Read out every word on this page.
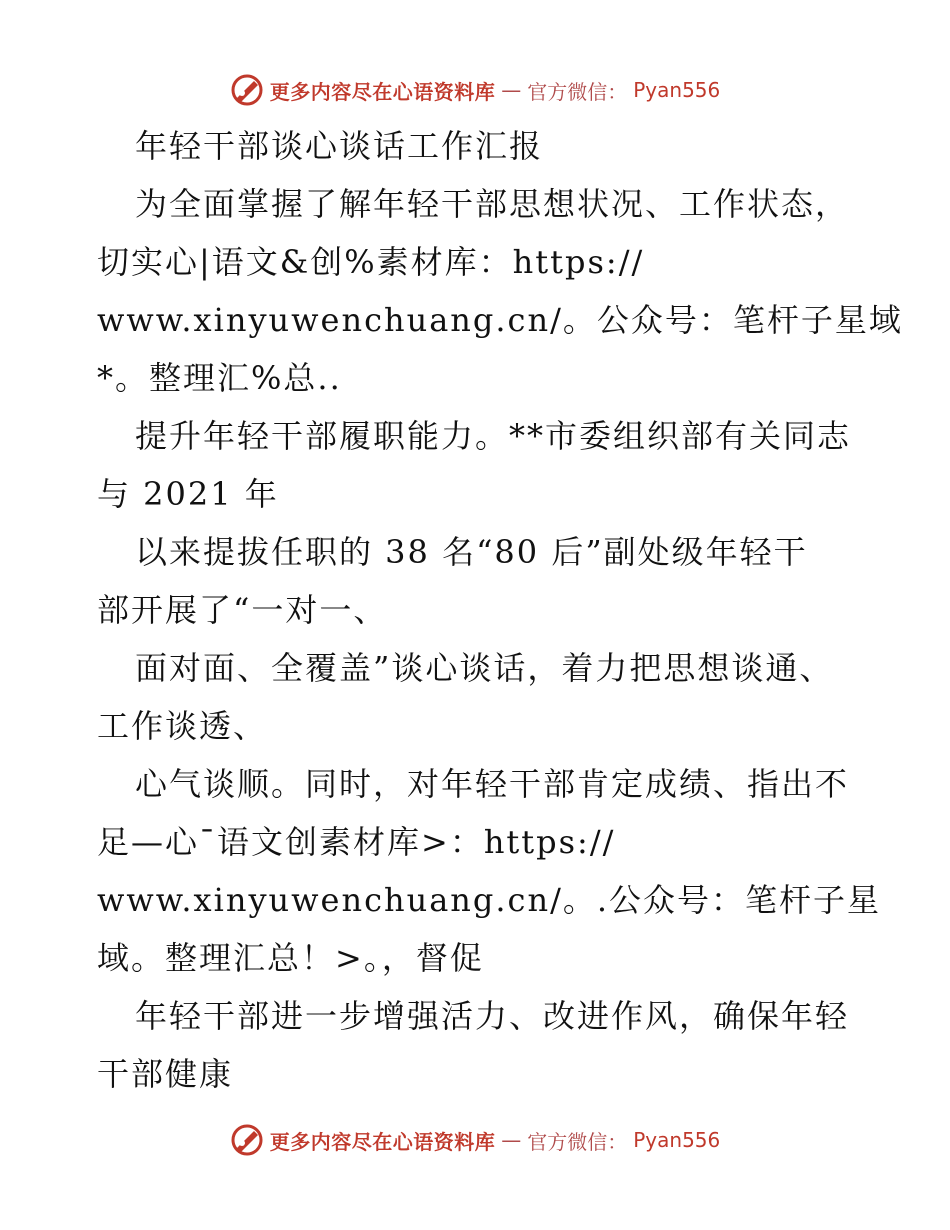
更多内容尽在心语资料库 — 官方微信： Pyan556
年轻干部谈心谈话工作汇报
为全面掌握了解年轻干部思想状况、工作状态，
切实心|语文&创%素材库：https://
www.xinyuwenchuang.cn/。公众号：笔杆子星域
*。整理汇%总..
提升年轻干部履职能力。**市委组织部有关同志
与 2021 年
以来提拔任职的 38 名“80 后”副处级年轻干
部开展了“一对一、
面对面、全覆盖”谈心谈话，着力把思想谈通、
工作谈透、
心气谈顺。同时，对年轻干部肯定成绩、指出不
足—心¯语文创素材库>：https://
www.xinyuwenchuang.cn/。.公众号：笔杆子星
域。整理汇总！>。，督促
年轻干部进一步增强活力、改进作风，确保年轻
干部健康
更多内容尽在心语资料库 — 官方微信： Pyan556
